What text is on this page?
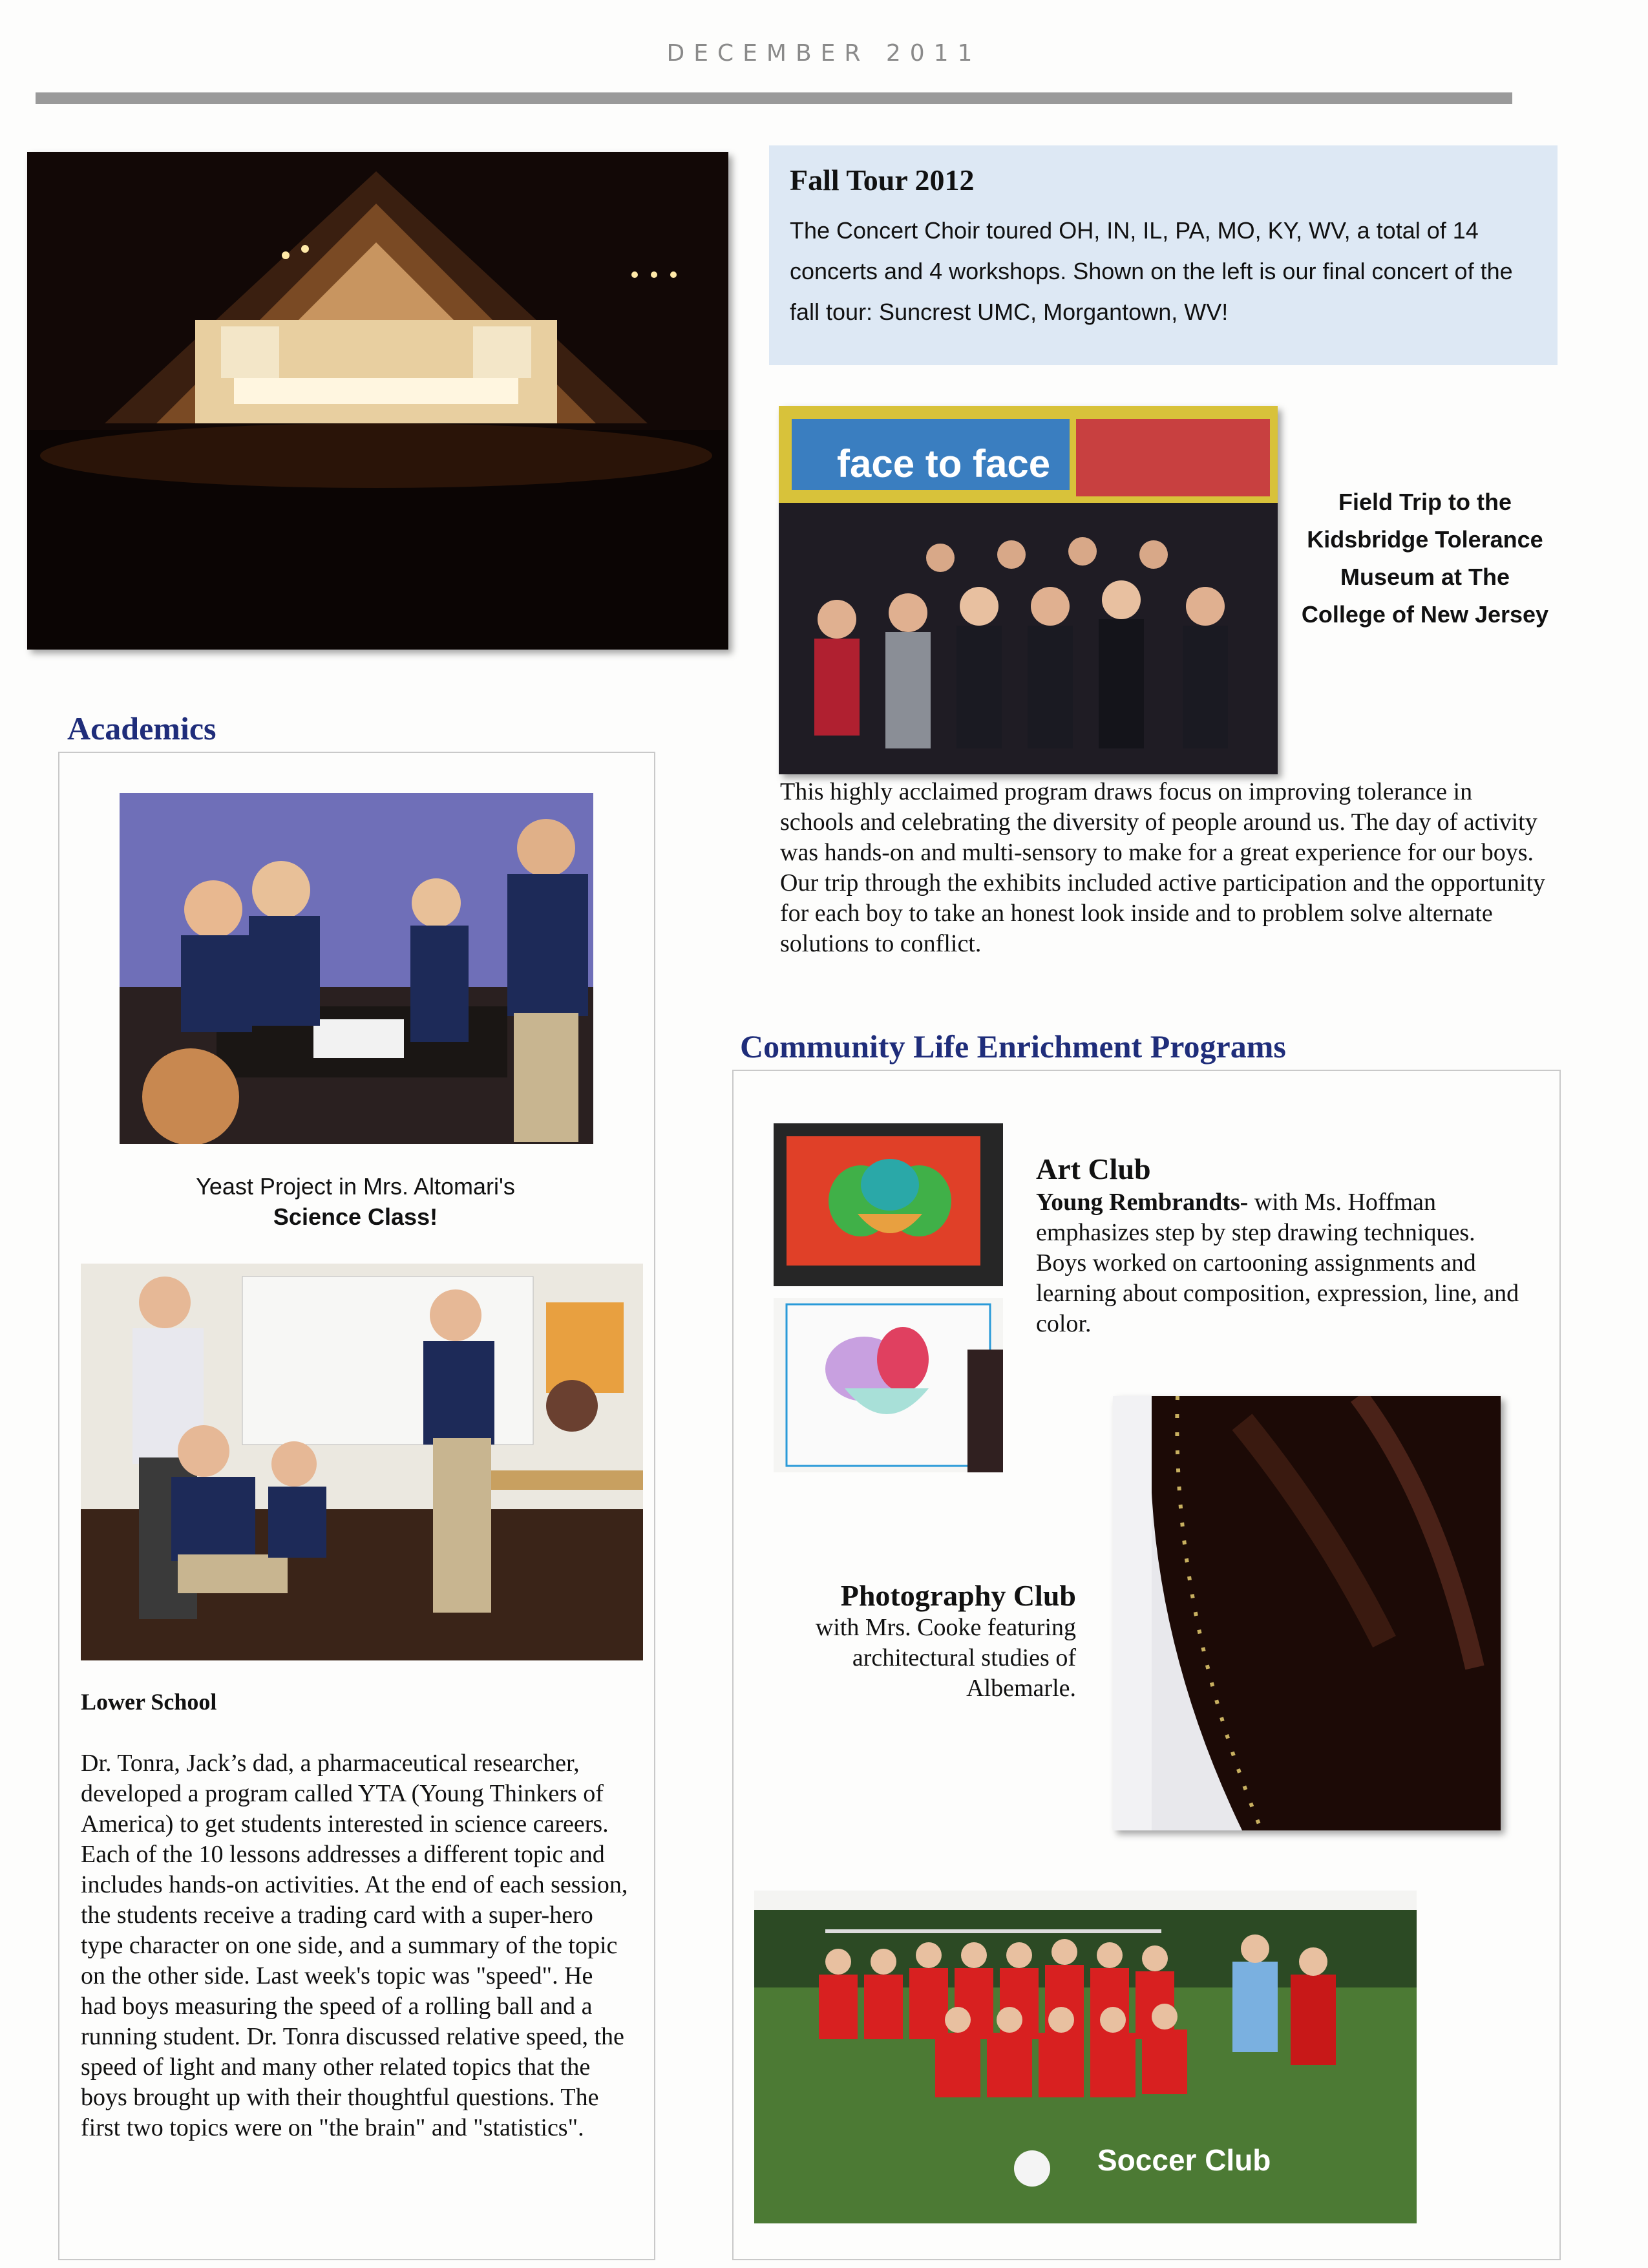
DECEMBER 2011
Fall Tour 2012
The Concert Choir toured OH, IN, IL, PA, MO, KY, WV, a total of 14 concerts and 4 workshops. Shown on the left is our final concert of the fall tour: Suncrest UMC, Morgantown, WV!
face to face
Field Trip to the Kidsbridge Tolerance Museum at The College of New Jersey
This highly acclaimed program draws focus on improving tolerance in schools and celebrating the diversity of people around us. The day of activity was hands-on and multi-sensory to make for a great experience for our boys. Our trip through the exhibits included active participation and the opportunity for each boy to take an honest look inside and to problem solve alternate solutions to conflict.
Academics
Yeast Project in Mrs. Altomari's
Science Class!
Lower School
Dr. Tonra, Jack’s dad, a pharmaceutical researcher, developed a program called YTA (Young Thinkers of America) to get students interested in science careers. Each of the 10 lessons addresses a different topic and includes hands-on activities. At the end of each session, the students receive a trading card with a super-hero type character on one side, and a summary of the topic on the other side. Last week's topic was "speed". He had boys measuring the speed of a rolling ball and a running student. Dr. Tonra discussed relative speed, the speed of light and many other related topics that the boys brought up with their thoughtful questions. The first two topics were on "the brain" and "statistics".
Community Life Enrichment Programs
Art Club
Young Rembrandts- with Ms. Hoffman emphasizes step by step drawing techniques. Boys worked on cartooning assignments and learning about composition, expression, line, and color.
Photography Club
with Mrs. Cooke featuring architectural studies of Albemarle.
Soccer Club
